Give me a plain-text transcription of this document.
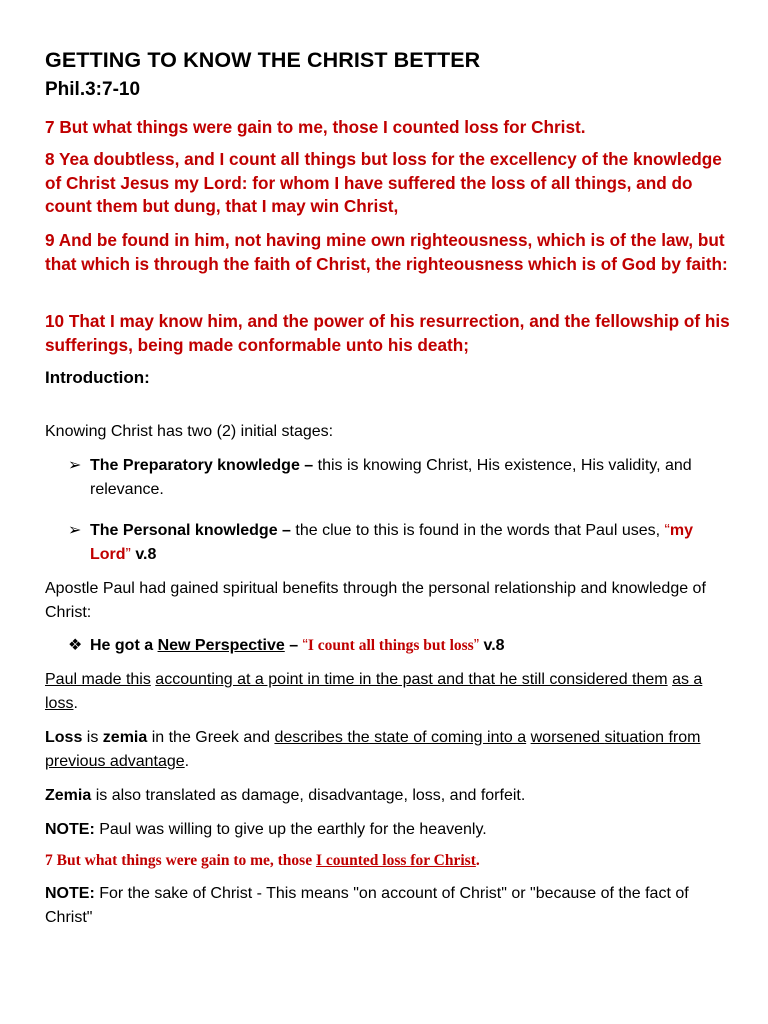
GETTING TO KNOW THE CHRIST BETTER
Phil.3:7-10

7 But what things were gain to me, those I counted loss for Christ.

8 Yea doubtless, and I count all things but loss for the excellency of the knowledge of Christ Jesus my Lord: for whom I have suffered the loss of all things, and do count them but dung, that I may win Christ,

9 And be found in him, not having mine own righteousness, which is of the law, but that which is through the faith of Christ, the righteousness which is of God by faith:

10 That I may know him, and the power of his resurrection, and the fellowship of his sufferings, being made conformable unto his death;

Introduction:

Knowing Christ has two (2) initial stages:

➢ The Preparatory knowledge – this is knowing Christ, His existence, His validity, and relevance.
➢ The Personal knowledge – the clue to this is found in the words that Paul uses, “my Lord” v.8

Apostle Paul had gained spiritual benefits through the personal relationship and knowledge of Christ:

❖ He got a New Perspective – “I count all things but loss” v.8

Paul made this accounting at a point in time in the past and that he still considered them as a loss.

Loss is zemia in the Greek and describes the state of coming into a worsened situation from previous advantage.

Zemia is also translated as damage, disadvantage, loss, and forfeit.

NOTE: Paul was willing to give up the earthly for the heavenly.

7 But what things were gain to me, those I counted loss for Christ.

NOTE: For the sake of Christ - This means "on account of Christ" or "because of the fact of Christ"
